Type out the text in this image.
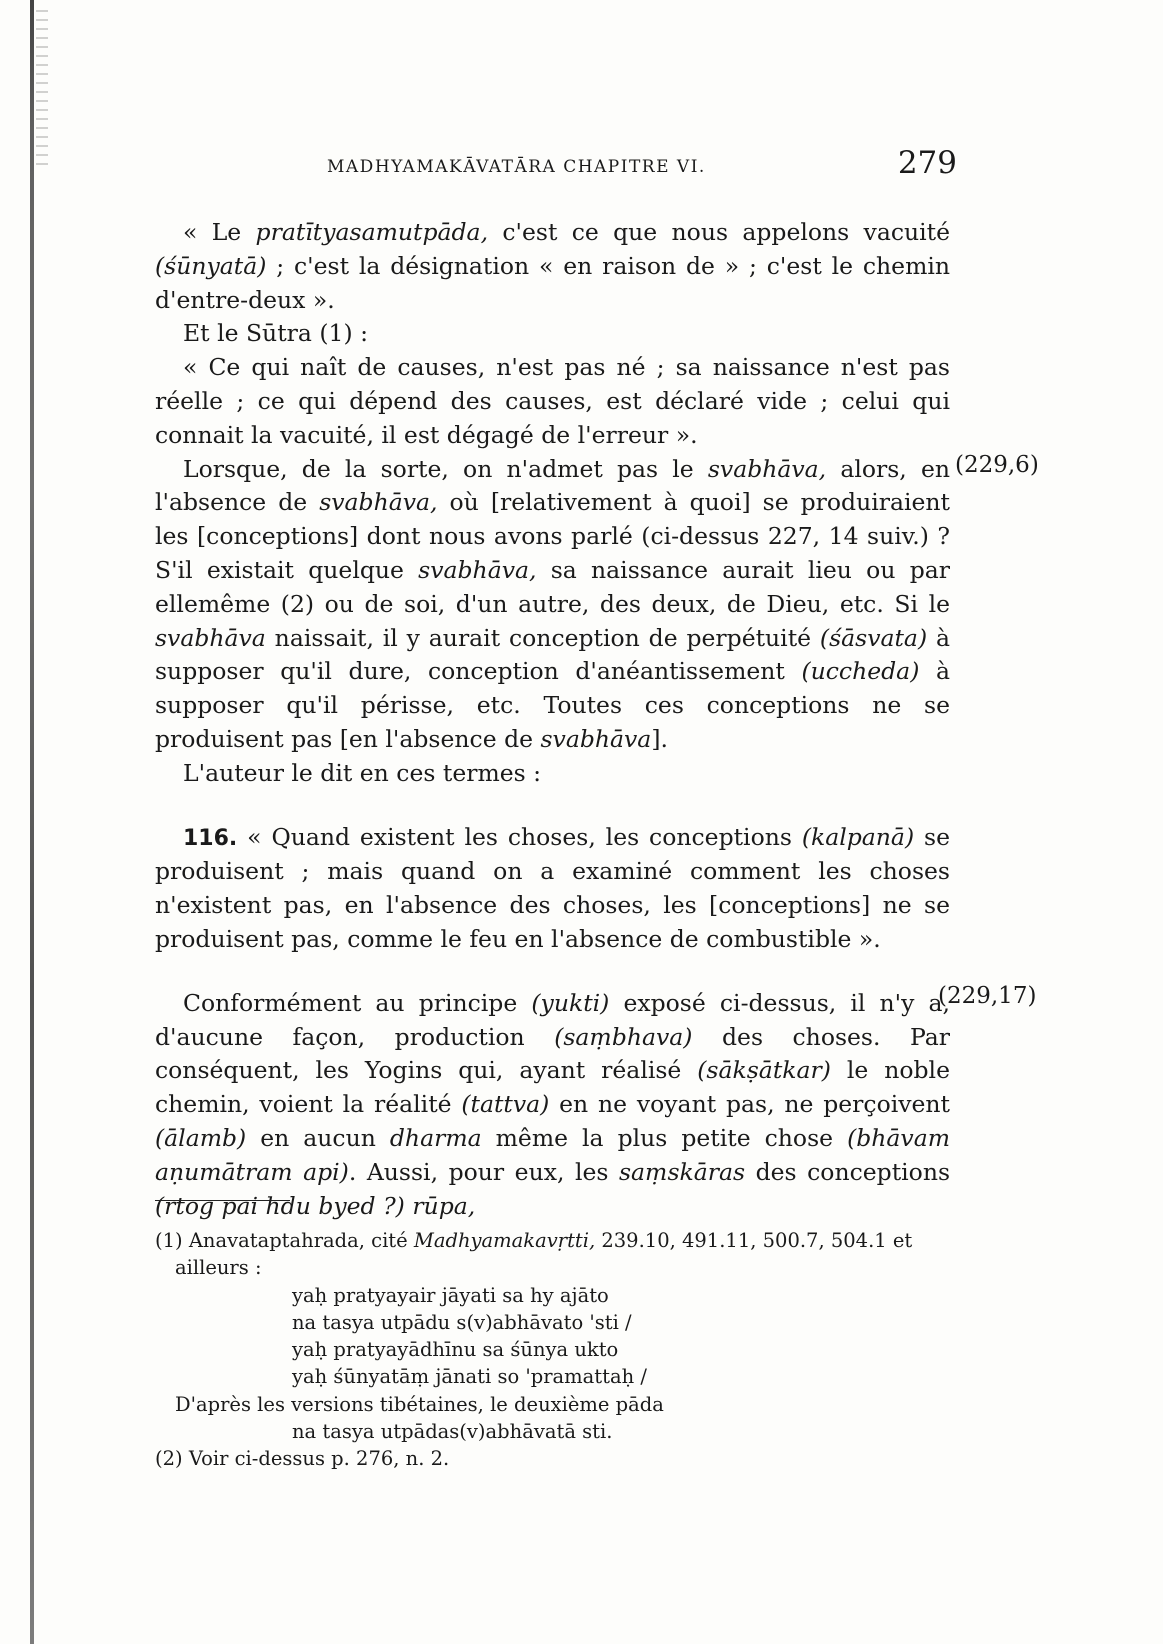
MADHYAMAKĀVATĀRA CHAPITRE VI.	279

« Le pratītyasamutpāda, c'est ce que nous appelons vacuité (śūnyatā) ; c'est la désignation « en raison de » ; c'est le chemin d'entre-deux ».

Et le Sūtra (1) :

« Ce qui naît de causes, n'est pas né ; sa naissance n'est pas réelle ; ce qui dépend des causes, est déclaré vide ; celui qui connait la vacuité, il est dégagé de l'erreur ».

Lorsque, de la sorte, on n'admet pas le svabhāva, alors, en l'absence de svabhāva, où [relativement à quoi] se produiraient les [conceptions] dont nous avons parlé (ci-dessus 227, 14 suiv.) ? S'il existait quelque svabhāva, sa naissance aurait lieu ou par ellemême (2) ou de soi, d'un autre, des deux, de Dieu, etc. Si le svabhāva naissait, il y aurait conception de perpétuité (śāsvata) à supposer qu'il dure, conception d'anéantissement (uccheda) à supposer qu'il périsse, etc. Toutes ces conceptions ne se produisent pas [en l'absence de svabhāva].

L'auteur le dit en ces termes :

116. « Quand existent les choses, les conceptions (kalpanā) se produisent ; mais quand on a examiné comment les choses n'existent pas, en l'absence des choses, les [conceptions] ne se produisent pas, comme le feu en l'absence de combustible ».

Conformément au principe (yukti) exposé ci-dessus, il n'y a, d'aucune façon, production (saṃbhava) des choses. Par conséquent, les Yogins qui, ayant réalisé (sākṣātkar) le noble chemin, voient la réalité (tattva) en ne voyant pas, ne perçoivent (ālamb) en aucun dharma même la plus petite chose (bhāvam aṇumātram api). Aussi, pour eux, les saṃskāras des conceptions (rtog pai hdu byed ?) rūpa,

(229,6)
(229,17)

(1) Anavataptahrada, cité Madhyamakavṛtti, 239.10, 491.11, 500.7, 504.1 et ailleurs :

yaḥ pratyayair jāyati sa hy ajāto

na tasya utpādu s(v)abhāvato 'sti /

yaḥ pratyayādhīnu sa śūnya ukto

yaḥ śūnyatāṃ jānati so 'pramattaḥ /

D'après les versions tibétaines, le deuxième pāda

na tasya utpādas(v)abhāvatā sti.

(2) Voir ci-dessus p. 276, n. 2.
